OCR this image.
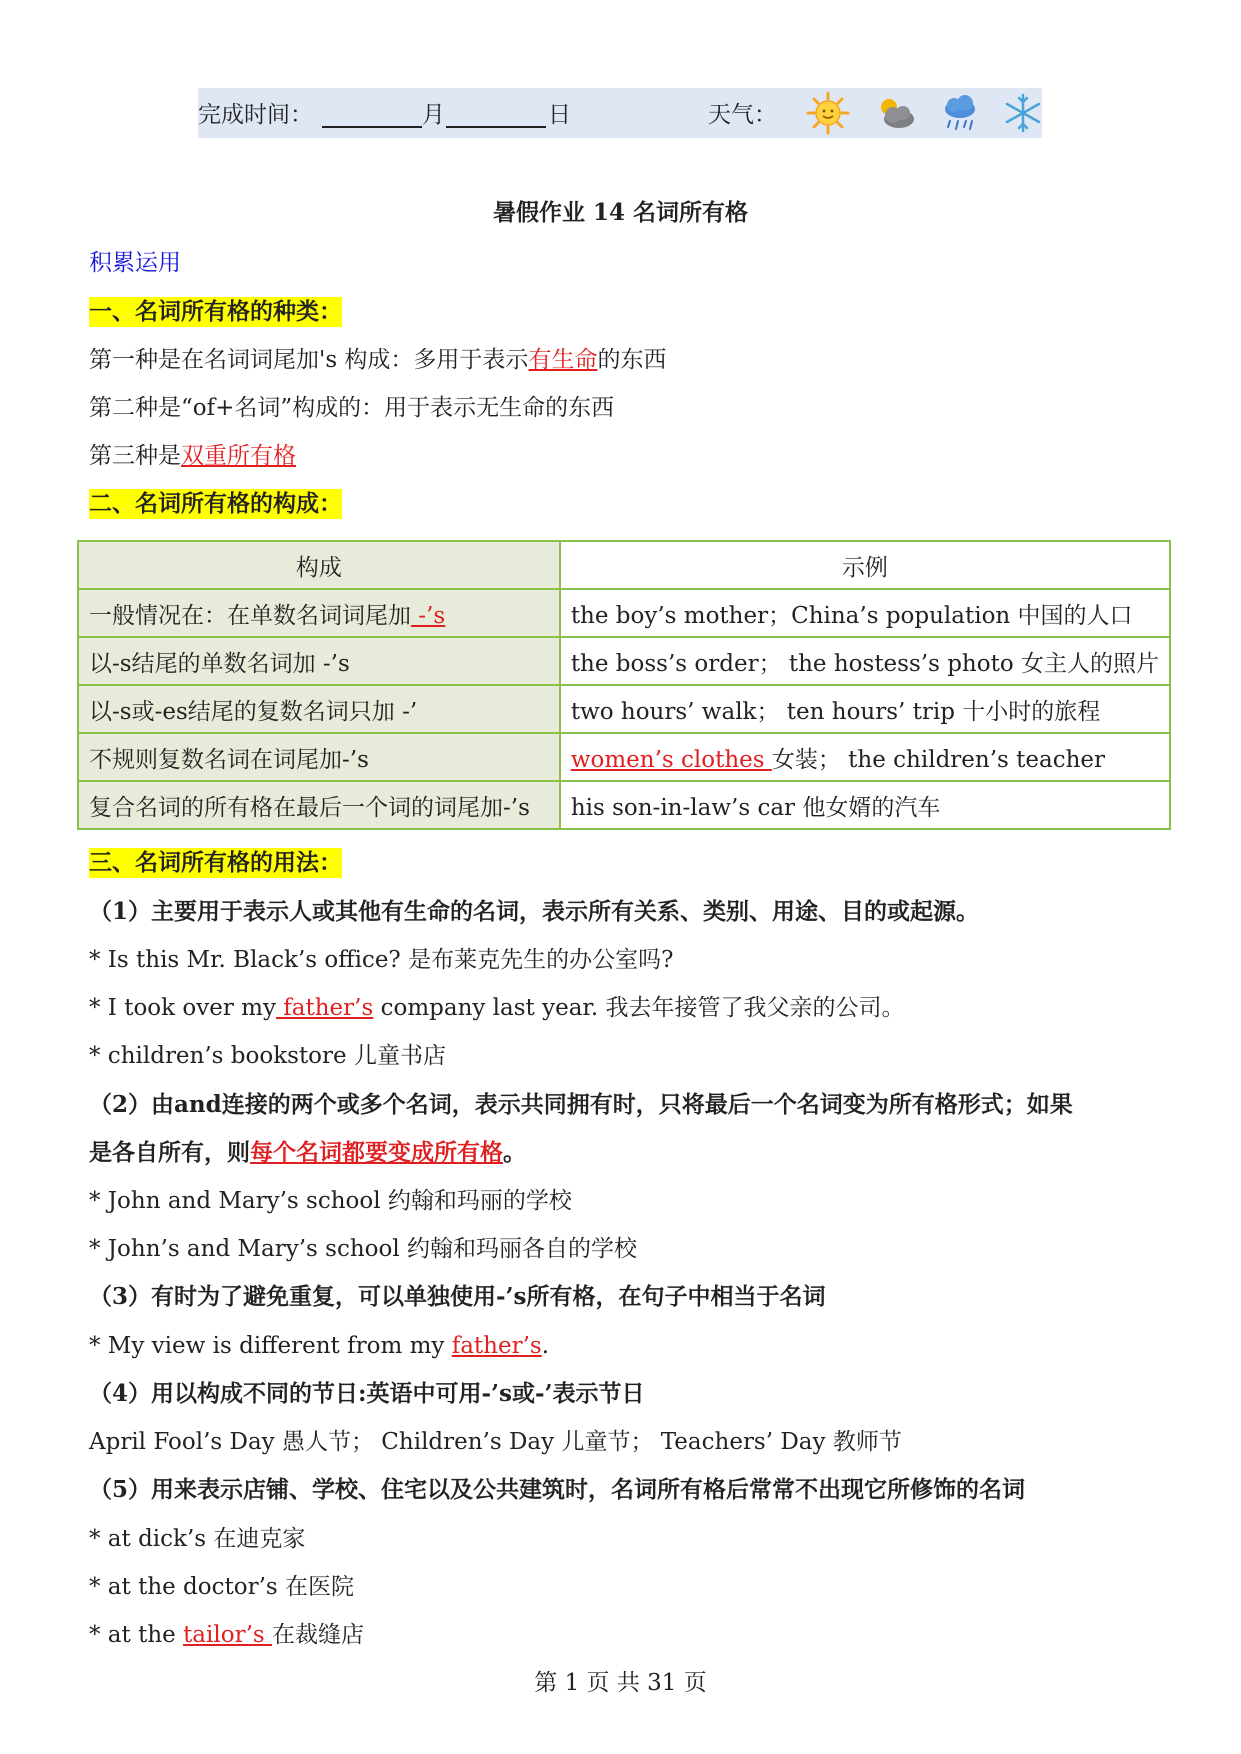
完成时间：	月	日	天气：
暑假作业 14 名词所有格
积累运用
一、名词所有格的种类：
第一种是在名词词尾加's 构成：多用于表示有生命的东西
第二种是“of+名词”构成的：用于表示无生命的东西
第三种是双重所有格
二、名词所有格的构成：
构成	示例
一般情况在：在单数名词词尾加 -’s	the boy’s mother；China’s population 中国的人口
以-s结尾的单数名词加 -’s	the boss’s order； the hostess’s photo 女主人的照片
以-s或-es结尾的复数名词只加 -’	two hours’ walk； ten hours’ trip 十小时的旅程
不规则复数名词在词尾加-’s	women’s clothes 女装； the children’s teacher
复合名词的所有格在最后一个词的词尾加-’s	his son-in-law’s car 他女婿的汽车
三、名词所有格的用法：
（1）主要用于表示人或其他有生命的名词，表示所有关系、类别、用途、目的或起源。
* Is this Mr. Black’s office? 是布莱克先生的办公室吗?
* I took over my father’s company last year. 我去年接管了我父亲的公司。
* children’s bookstore 儿童书店
（2）由and连接的两个或多个名词，表示共同拥有时，只将最后一个名词变为所有格形式；如果
是各自所有，则每个名词都要变成所有格。
* John and Mary’s school 约翰和玛丽的学校
* John’s and Mary’s school 约翰和玛丽各自的学校
（3）有时为了避免重复，可以单独使用-’s所有格，在句子中相当于名词
* My view is different from my father’s.
（4）用以构成不同的节日:英语中可用-’s或-’表示节日
April Fool’s Day 愚人节； Children’s Day 儿童节； Teachers’ Day 教师节
（5）用来表示店铺、学校、住宅以及公共建筑时，名词所有格后常常不出现它所修饰的名词
* at dick’s 在迪克家
* at the doctor’s 在医院
* at the tailor’s 在裁缝店
第 1 页 共 31 页
